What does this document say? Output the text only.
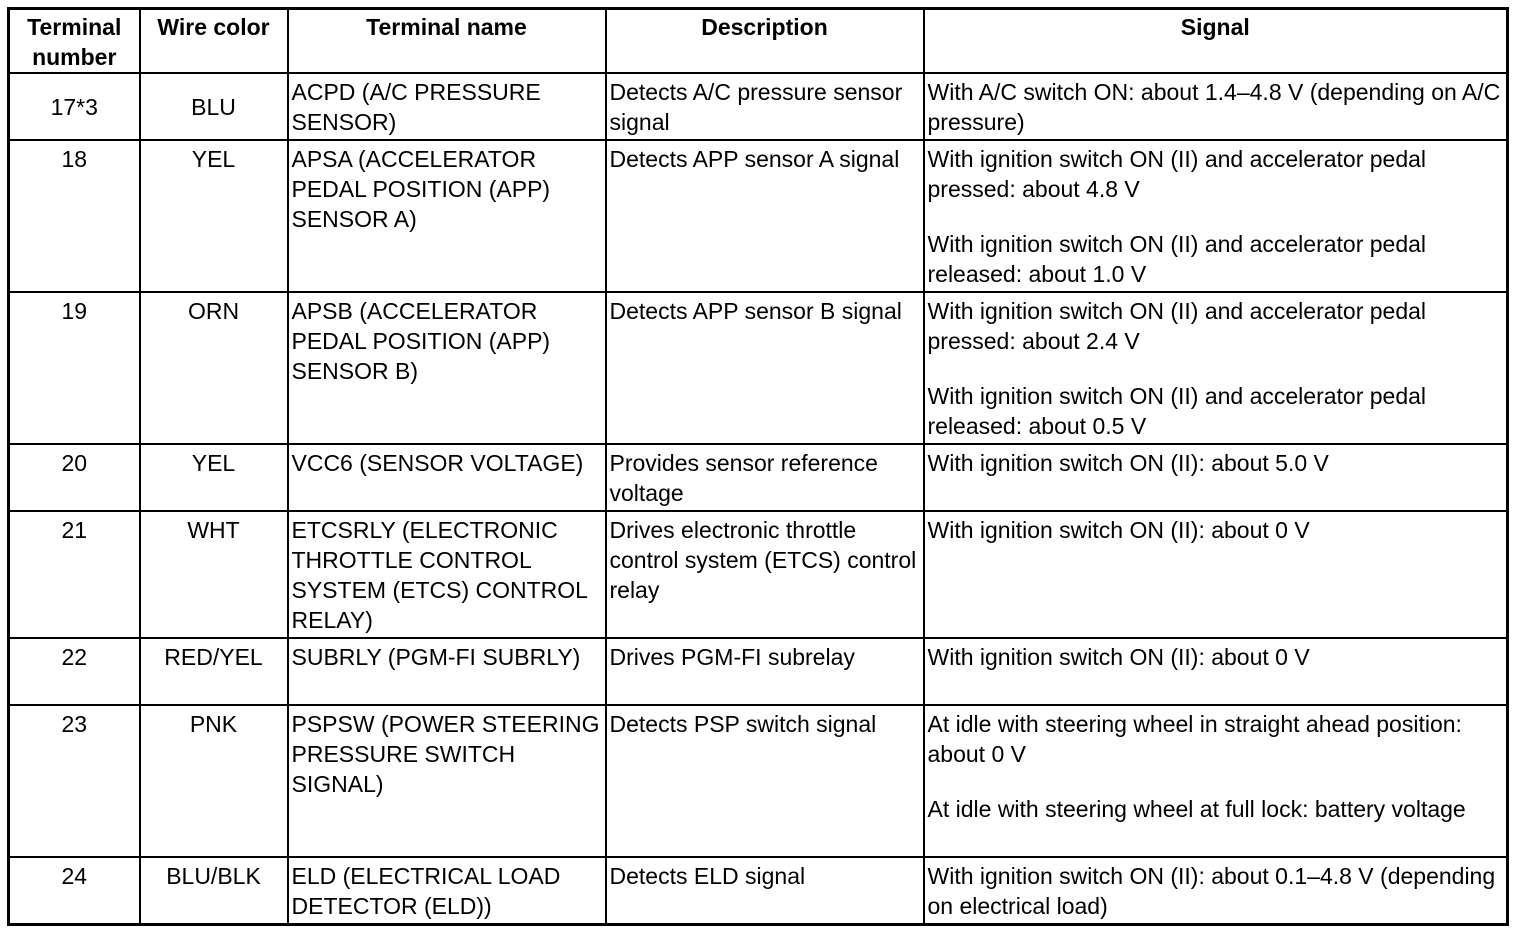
Terminal
number	Wire color	Terminal name	Description	Signal
17*3	BLU	ACPD (A/C PRESSURE SENSOR)	Detects A/C pressure sensor signal	With A/C switch ON: about 1.4–4.8 V (depending on A/C pressure)

18	YEL	APSA (ACCELERATOR PEDAL POSITION (APP) SENSOR A)	Detects APP sensor A signal	With ignition switch ON (II) and accelerator pedal pressed: about 4.8 V
With ignition switch ON (II) and accelerator pedal released: about 1.0 V

19	ORN	APSB (ACCELERATOR PEDAL POSITION (APP) SENSOR B)	Detects APP sensor B signal	With ignition switch ON (II) and accelerator pedal pressed: about 2.4 V
With ignition switch ON (II) and accelerator pedal released: about 0.5 V

20	YEL	VCC6 (SENSOR VOLTAGE)	Provides sensor reference voltage	With ignition switch ON (II): about 5.0 V

21	WHT	ETCSRLY (ELECTRONIC THROTTLE CONTROL SYSTEM (ETCS) CONTROL RELAY)	Drives electronic throttle control system (ETCS) control relay	With ignition switch ON (II): about 0 V

22	RED/YEL	SUBRLY (PGM-FI SUBRLY)	Drives PGM-FI subrelay	With ignition switch ON (II): about 0 V

23	PNK	PSPSW (POWER STEERING PRESSURE SWITCH SIGNAL)	Detects PSP switch signal	At idle with steering wheel in straight ahead position: about 0 V
At idle with steering wheel at full lock: battery voltage

24	BLU/BLK	ELD (ELECTRICAL LOAD DETECTOR (ELD))	Detects ELD signal	With ignition switch ON (II): about 0.1–4.8 V (depending on electrical load)
